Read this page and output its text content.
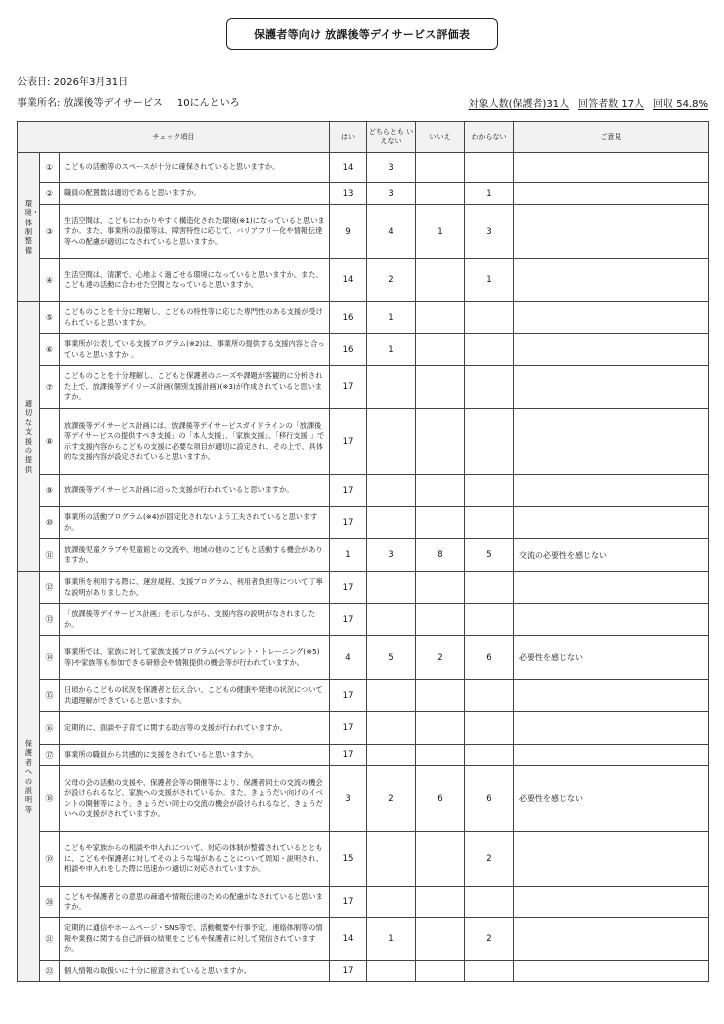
保護者等向け 放課後等デイサービス評価表
公表日: 2026年3月31日
事業所名: 放課後等デイサービス 10にんといろ	対象人数(保護者)31人 回答者数 17人 回収 54.8%
チェック項目			はい	どちらとも いえない	いいえ	わからない	ご意見
環境・体制整備	①	こどもの活動等のスペースが十分に確保されていると思いますか。	14	3			
	②	職員の配置数は適切であると思いますか。	13	3		1	
	③	生活空間は、こどもにわかりやすく構造化された環境(※1)になっていると思いますか。また、事業所の設備等は、障害特性に応じて、バリアフリー化や情報伝達等への配慮が適切になされていると思いますか。	9	4	1	3	
	④	生活空間は、清潔で、心地よく過ごせる環境になっていると思いますか。また、こども達の活動に合わせた空間となっていると思いますか。	14	2		1	
適切な支援の提供	⑤	こどものことを十分に理解し、こどもの特性等に応じた専門性のある支援が受けられていると思いますか。	16	1			
	⑥	事業所が公表している支援プログラム(※2)は、事業所の提供する支援内容と合っていると思いますか 。	16	1			
	⑦	こどものことを十分理解し、こどもと保護者のニーズや課題が客観的に分析された上で、放課後等デイリーズ計画(個別支援計画)(※3)が作成されていると思いますか。	17				
	⑧	放課後等デイサービス計画には、放課後等デイサービスガイドラインの「放課後等デイサービスの提供すべき支援」の「本人支援」、「家族支援」、「移行支援 」で示す支援内容からこどもの支援に必要な項目が適切に設定され、その上で、具体的な支援内容が設定されていると思いますか。	17				
	⑨	放課後等デイサービス計画に沿った支援が行われていると思いますか。	17				
	⑩	事業所の活動プログラム(※4)が固定化されないよう工夫されていると思いますか。	17				
	⑪	放課後児童クラブや児童館との交流や、地域の他のこどもと活動する機会がありますか。	1	3	8	5	交流の必要性を感じない
保護者への説明等	⑫	事業所を利用する際に、運営規程、支援プログラム、利用者負担等について丁寧な説明がありましたか。	17				
	⑬	「放課後等デイサービス計画」を示しながら、支援内容の説明がなされましたか。	17				
	⑭	事業所では、家族に対して家族支援プログラム(ペアレント・トレーニング(※5)等)や家族等も参加できる研修会や情報提供の機会等が行われていますか。	4	5	2	6	必要性を感じない
	⑮	日頃からこどもの状況を保護者と伝え合い、こどもの健康や発達の状況について共通理解ができていると思いますか。	17				
	⑯	定期的に、面談や子育てに関する助言等の支援が行われていますか。	17				
	⑰	事業所の職員から共感的に支援をされていると思いますか。	17				
	⑱	父母の会の活動の支援や、保護者会等の開催等により、保護者同士の交流の機会が設けられるなど、家族への支援がされているか。また、きょうだい向けのイベントの開催等により、きょうだい同士の交流の機会が設けられるなど、きょうだいへの支援がされていますか。	3	2	6	6	必要性を感じない
	⑲	こどもや家族からの相談や申入れについて、対応の体制が整備されているとともに、こどもや保護者に対してそのような場があることについて周知・説明され、相談や申入れをした際に迅速かつ適切に対応されていますか。	15			2	
	⑳	こどもや保護者との意思の疎通や情報伝達のための配慮がなされていると思いますか。	17				
	㉑	定期的に通信やホームページ・SNS等で、活動概要や行事予定、連絡体制等の情報や業務に関する自己評価の結果をこどもや保護者に対して発信されていますか。	14	1		2	
	㉒	個人情報の取扱いに十分に留意されていると思いますか。	17				
